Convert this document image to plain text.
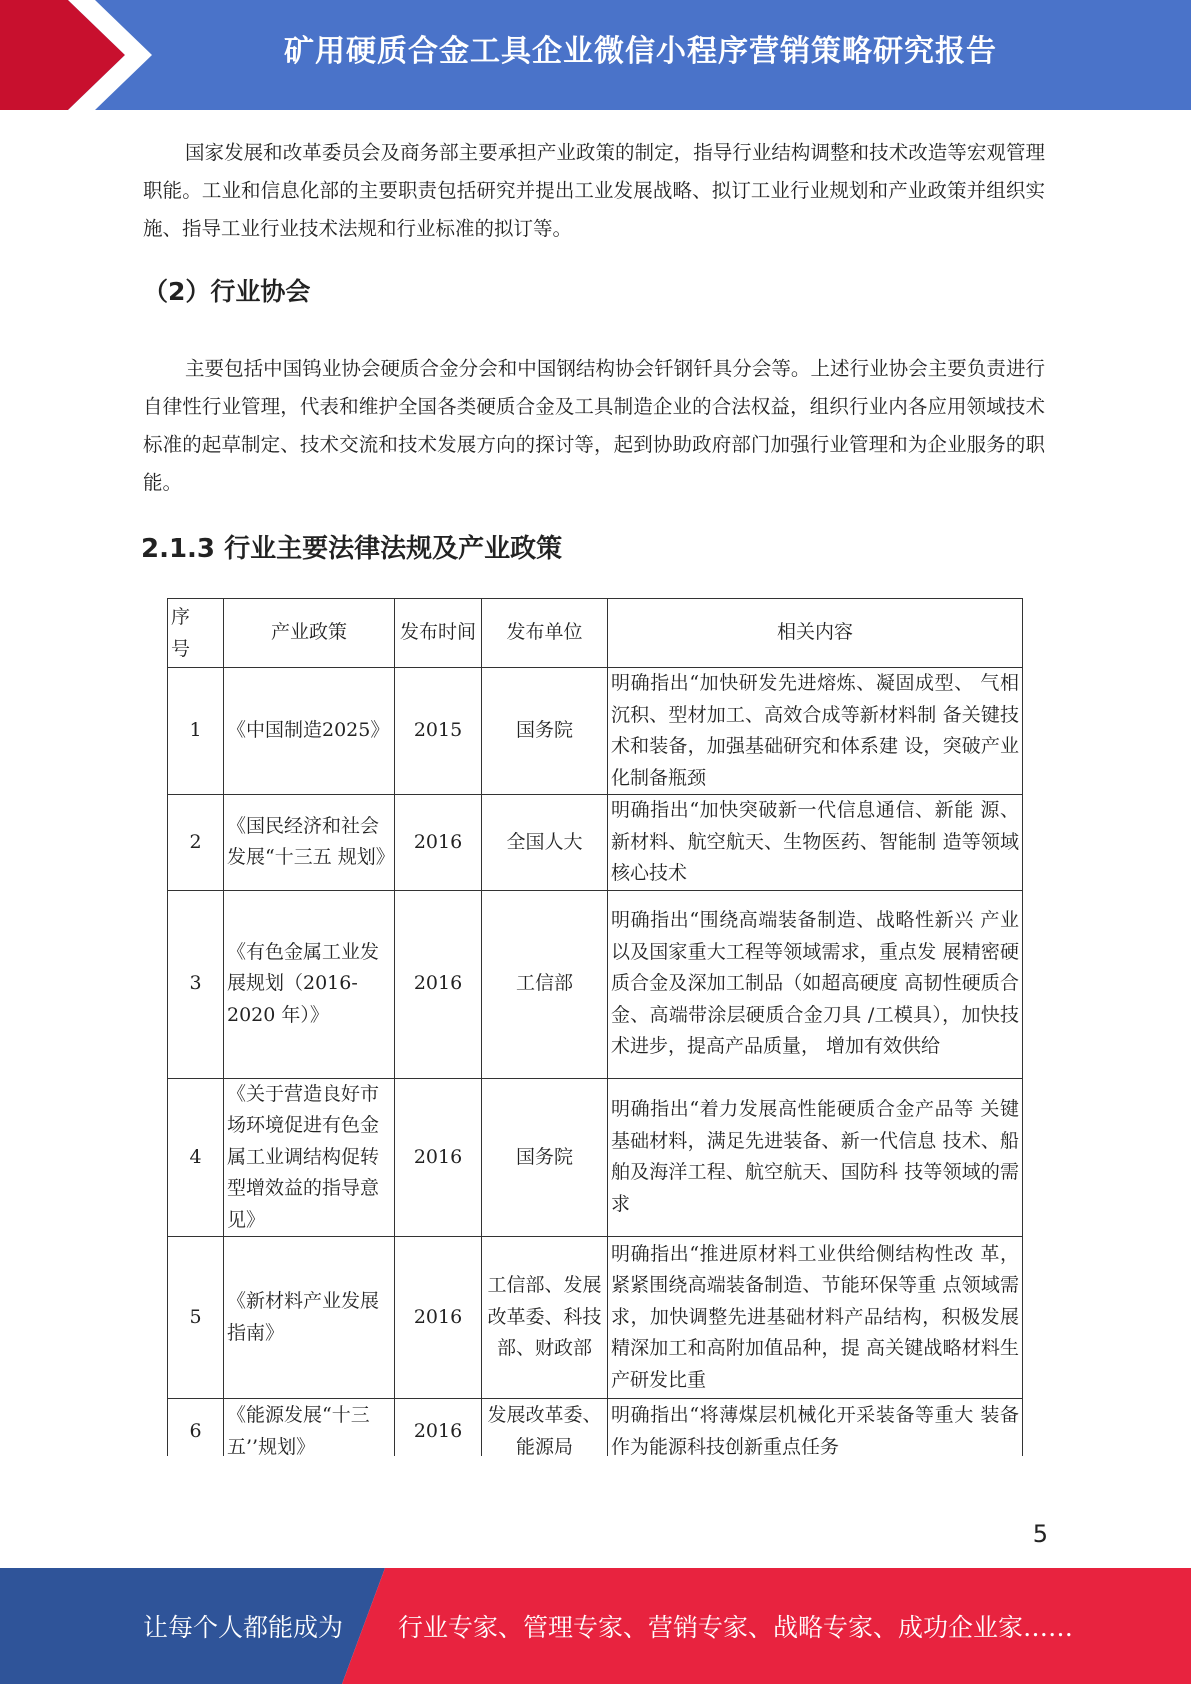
矿用硬质合金工具企业微信小程序营销策略研究报告

国家发展和改革委员会及商务部主要承担产业政策的制定，指导行业结构调整和技术改造等宏观管理职能。工业和信息化部的主要职责包括研究并提出工业发展战略、拟订工业行业规划和产业政策并组织实施、指导工业行业技术法规和行业标准的拟订等。

（2）行业协会

主要包括中国钨业协会硬质合金分会和中国钢结构协会钎钢钎具分会等。上述行业协会主要负责进行自律性行业管理，代表和维护全国各类硬质合金及工具制造企业的合法权益，组织行业内各应用领域技术标准的起草制定、技术交流和技术发展方向的探讨等，起到协助政府部门加强行业管理和为企业服务的职能。

2.1.3 行业主要法律法规及产业政策
序 号	产业政策	发布时间	发布单位	相关内容
1	《中国制造2025》	2015	国务院	明确指出“加快研发先进熔炼、凝固成型、 气相沉积、型材加工、高效合成等新材料制 备关键技术和装备，加强基础研究和体系建 设，突破产业化制备瓶颈
2	《国民经济和社会发展“十三五 规划》	2016	全国人大	明确指出“加快突破新一代信息通信、新能 源、新材料、航空航天、生物医药、智能制 造等领域核心技术
3	《有色金属工业发展规划（2016-2020 年）》	2016	工信部	明确指出“围绕高端装备制造、战略性新兴 产业以及国家重大工程等领域需求，重点发 展精密硬质合金及深加工制品（如超高硬度 高韧性硬质合金、高端带涂层硬质合金刀具 /工模具），加快技术进步，提高产品质量， 增加有效供给
4	《关于营造良好市场环境促进有色金属工业调结构促转型增效益的指导意见》	2016	国务院	明确指出“着力发展高性能硬质合金产品等 关键基础材料，满足先进装备、新一代信息 技术、船舶及海洋工程、航空航天、国防科 技等领域的需求
5	《新材料产业发展指南》	2016	工信部、发展改革委、科技部、财政部	明确指出“推进原材料工业供给侧结构性改 革，紧紧围绕高端装备制造、节能环保等重 点领域需求，加快调整先进基础材料产品结构，积极发展精深加工和高附加值品种，提 高关键战略材料生产研发比重
6	《能源发展“十三五’’规划》	2016	发展改革委、能源局	明确指出“将薄煤层机械化开采装备等重大 装备作为能源科技创新重点任务
5
让每个人都能成为 行业专家、管理专家、营销专家、战略专家、成功企业家……
